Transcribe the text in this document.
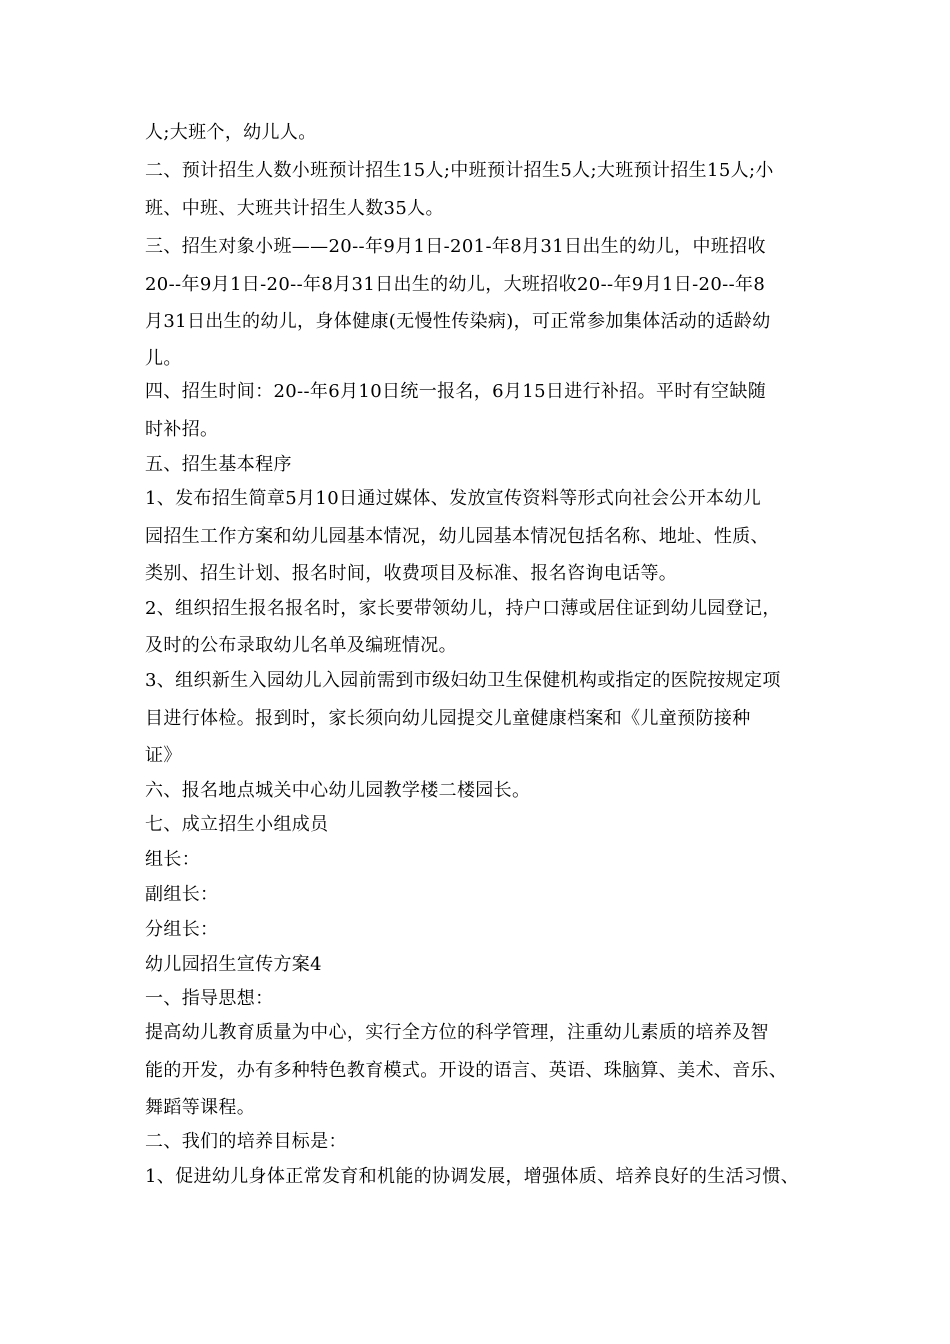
人;大班个，幼儿人。
二、预计招生人数小班预计招生15人;中班预计招生5人;大班预计招生15人;小
班、中班、大班共计招生人数35人。
三、招生对象小班——20--年9月1日-201-年8月31日出生的幼儿，中班招收
20--年9月1日-20--年8月31日出生的幼儿，大班招收20--年9月1日-20--年8
月31日出生的幼儿，身体健康(无慢性传染病)，可正常参加集体活动的适龄幼
儿。
四、招生时间：20--年6月10日统一报名，6月15日进行补招。平时有空缺随
时补招。
五、招生基本程序
1、发布招生简章5月10日通过媒体、发放宣传资料等形式向社会公开本幼儿
园招生工作方案和幼儿园基本情况，幼儿园基本情况包括名称、地址、性质、
类别、招生计划、报名时间，收费项目及标准、报名咨询电话等。
2、组织招生报名报名时，家长要带领幼儿，持户口薄或居住证到幼儿园登记，
及时的公布录取幼儿名单及编班情况。
3、组织新生入园幼儿入园前需到市级妇幼卫生保健机构或指定的医院按规定项
目进行体检。报到时，家长须向幼儿园提交儿童健康档案和《儿童预防接种
证》
六、报名地点城关中心幼儿园教学楼二楼园长。
七、成立招生小组成员
组长：
副组长：
分组长：
幼儿园招生宣传方案4
一、指导思想：
提高幼儿教育质量为中心，实行全方位的科学管理，注重幼儿素质的培养及智
能的开发，办有多种特色教育模式。开设的语言、英语、珠脑算、美术、音乐、
舞蹈等课程。
二、我们的培养目标是：
1、促进幼儿身体正常发育和机能的协调发展，增强体质、培养良好的生活习惯、
